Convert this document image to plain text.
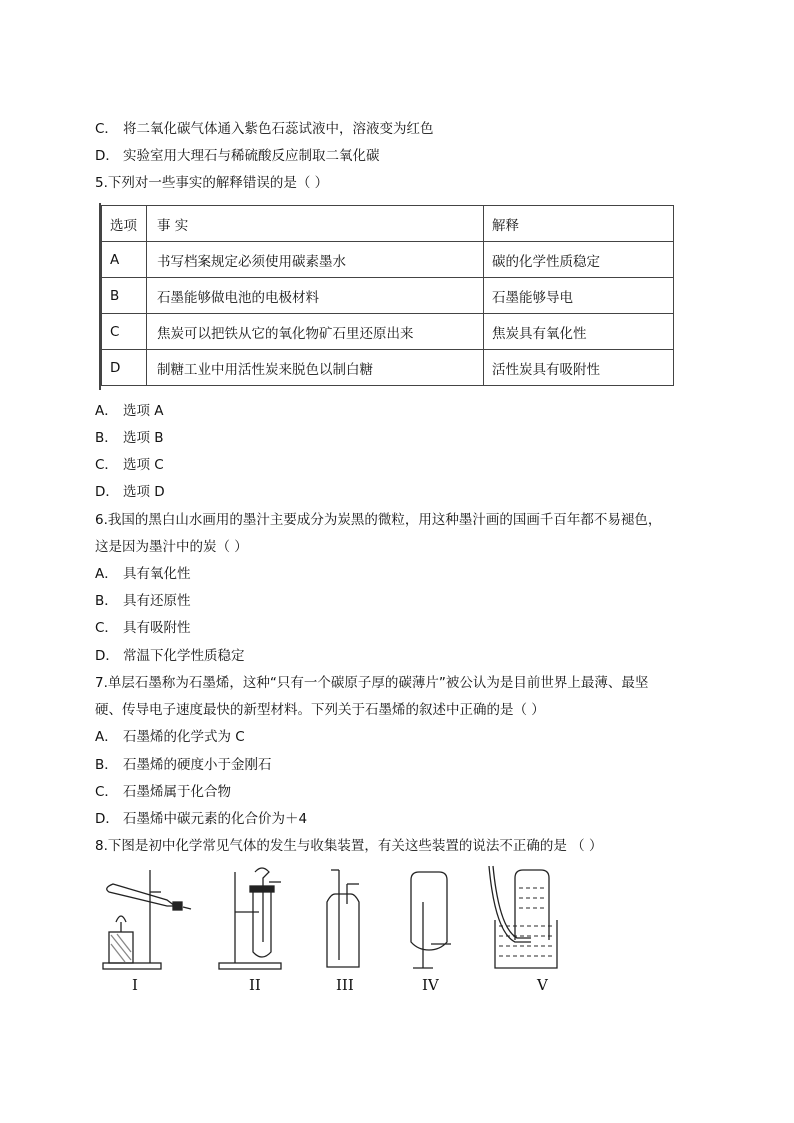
C． 将二氧化碳气体通入紫色石蕊试液中，溶液变为红色
D． 实验室用大理石与稀硫酸反应制取二氧化碳
5.下列对一些事实的解释错误的是（ ）
选项	事 实	解释
A	书写档案规定必须使用碳素墨水	碳的化学性质稳定
B	石墨能够做电池的电极材料	石墨能够导电
C	焦炭可以把铁从它的氧化物矿石里还原出来	焦炭具有氧化性
D	制糖工业中用活性炭来脱色以制白糖	活性炭具有吸附性
A． 选项 A
B． 选项 B
C． 选项 C
D． 选项 D
6.我国的黑白山水画用的墨汁主要成分为炭黑的微粒，用这种墨汁画的国画千百年都不易褪色，
这是因为墨汁中的炭（ ）
A． 具有氧化性
B． 具有还原性
C． 具有吸附性
D． 常温下化学性质稳定
7.单层石墨称为石墨烯，这种“只有一个碳原子厚的碳薄片”被公认为是目前世界上最薄、最坚
硬、传导电子速度最快的新型材料。下列关于石墨烯的叙述中正确的是（ ）
A． 石墨烯的化学式为 C
B． 石墨烯的硬度小于金刚石
C． 石墨烯属于化合物
D． 石墨烯中碳元素的化合价为＋4
8.下图是初中化学常见气体的发生与收集装置，有关这些装置的说法不正确的是 （ ）
I	II	III	IV	V
